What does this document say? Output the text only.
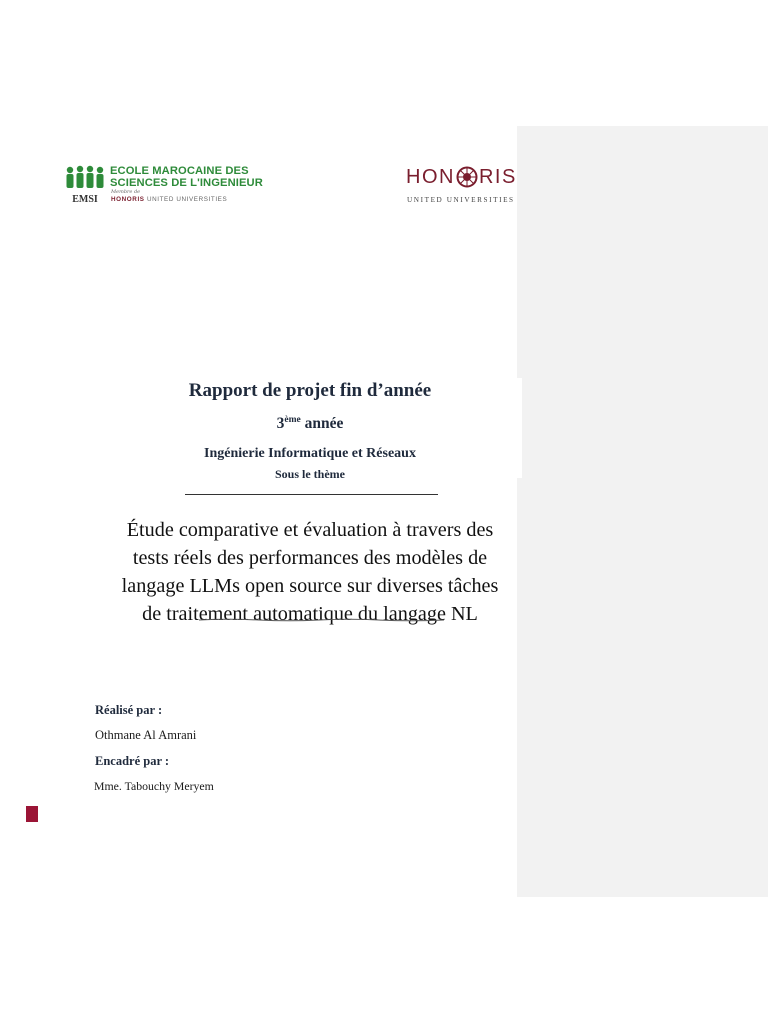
EMSI
ECOLE MAROCAINE DES
SCIENCES DE L'INGENIEUR
Membre de
HONORIS UNITED UNIVERSITIES
HON RIS
UNITED UNIVERSITIES
Rapport de projet fin d’année
3ème année
Ingénierie Informatique et Réseaux
Sous le thème
Étude comparative et évaluation à travers des
tests réels des performances des modèles de
langage LLMs open source sur diverses tâches
de traitement automatique du langage NL
Réalisé par :
Othmane Al Amrani
Encadré par :
Mme. Tabouchy Meryem
